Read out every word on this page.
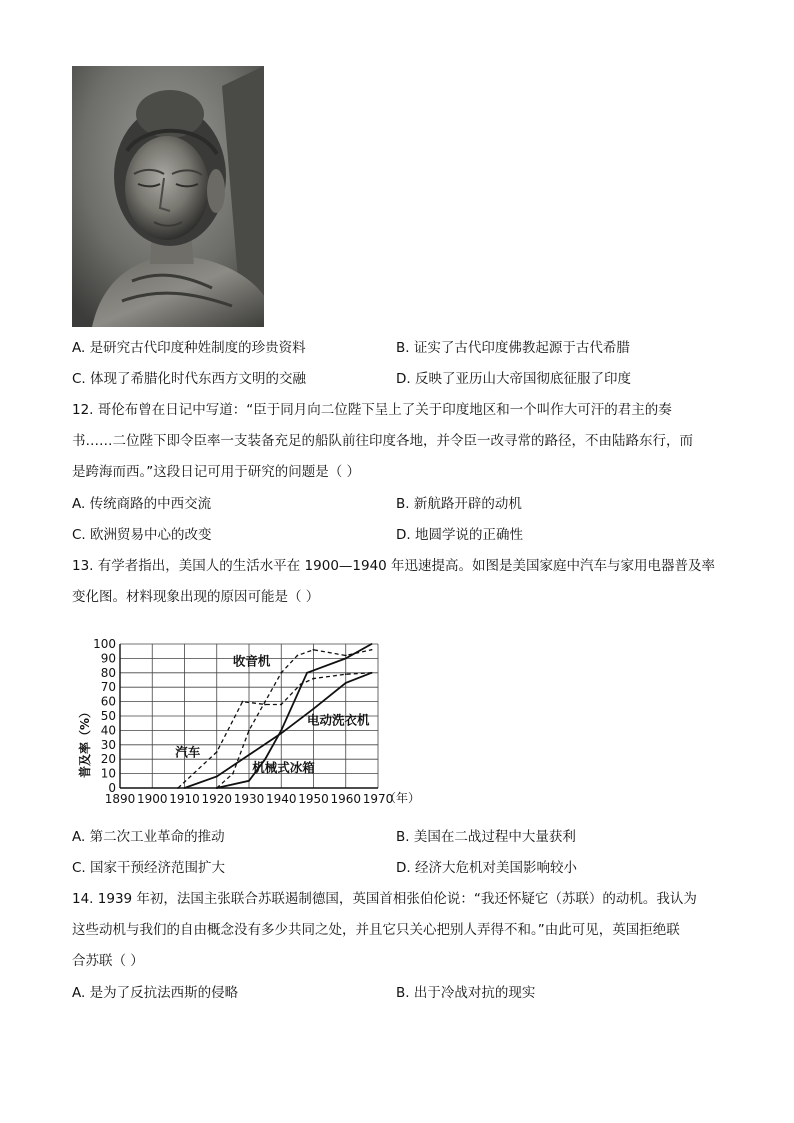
A. 是研究古代印度种姓制度的珍贵资料	B. 证实了古代印度佛教起源于古代希腊
C. 体现了希腊化时代东西方文明的交融	D. 反映了亚历山大帝国彻底征服了印度
12. 哥伦布曾在日记中写道：“臣于同月向二位陛下呈上了关于印度地区和一个叫作大可汗的君主的奏
书……二位陛下即令臣率一支装备充足的船队前往印度各地，并令臣一改寻常的路径，不由陆路东行，而
是跨海而西。”这段日记可用于研究的问题是（ ）
A. 传统商路的中西交流	B. 新航路开辟的动机
C. 欧洲贸易中心的改变	D. 地圆学说的正确性
13. 有学者指出，美国人的生活水平在 1900—1940 年迅速提高。如图是美国家庭中汽车与家用电器普及率
变化图。材料现象出现的原因可能是（ ）
1890 1900 1910 1920 1930 1940 1950 1960 1970
0
10
20
30
40
50
60
70
80
90
100
汽车
收音机
电动洗衣机
机械式冰箱
普及率（%）
（年）
A. 第二次工业革命的推动	B. 美国在二战过程中大量获利
C. 国家干预经济范围扩大	D. 经济大危机对美国影响较小
14. 1939 年初，法国主张联合苏联遏制德国，英国首相张伯伦说：“我还怀疑它（苏联）的动机。我认为
这些动机与我们的自由概念没有多少共同之处，并且它只关心把别人弄得不和。”由此可见，英国拒绝联
合苏联（ ）
A. 是为了反抗法西斯的侵略	B. 出于冷战对抗的现实
